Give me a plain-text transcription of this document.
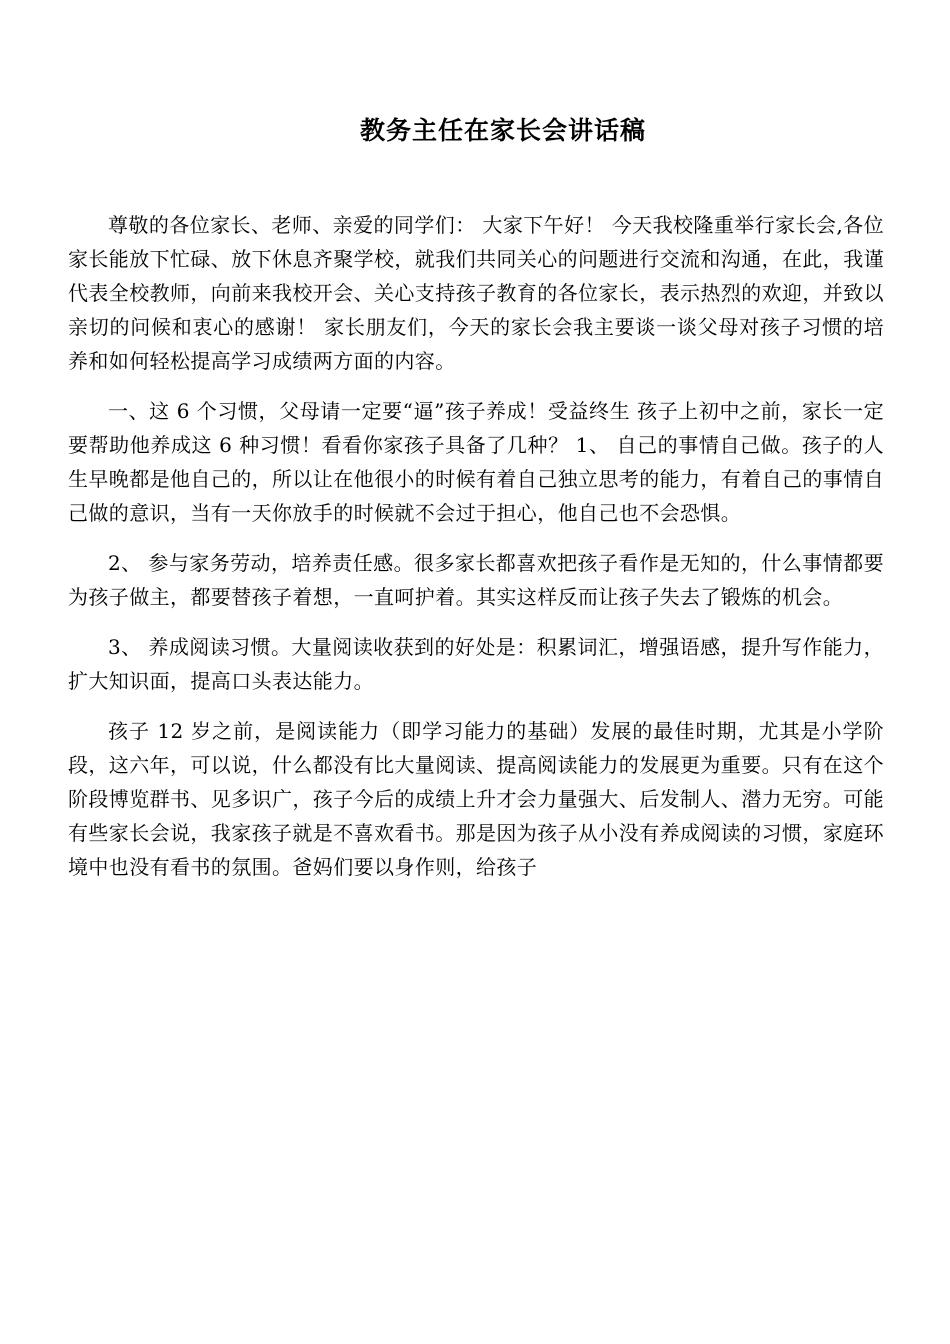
教务主任在家长会讲话稿

尊敬的各位家长、老师、亲爱的同学们： 大家下午好！ 今天我校隆重举行家长会,各位家长能放下忙碌、放下休息齐聚学校，就我们共同关心的问题进行交流和沟通，在此，我谨代表全校教师，向前来我校开会、关心支持孩子教育的各位家长，表示热烈的欢迎，并致以亲切的问候和衷心的感谢！ 家长朋友们，今天的家长会我主要谈一谈父母对孩子习惯的培养和如何轻松提高学习成绩两方面的内容。

一、这 6 个习惯，父母请一定要“逼”孩子养成！受益终生 孩子上初中之前，家长一定要帮助他养成这 6 种习惯！看看你家孩子具备了几种？ 1、 自己的事情自己做。孩子的人生早晚都是他自己的，所以让在他很小的时候有着自己独立思考的能力，有着自己的事情自己做的意识，当有一天你放手的时候就不会过于担心，他自己也不会恐惧。

2、 参与家务劳动，培养责任感。很多家长都喜欢把孩子看作是无知的，什么事情都要为孩子做主，都要替孩子着想，一直呵护着。其实这样反而让孩子失去了锻炼的机会。

3、 养成阅读习惯。大量阅读收获到的好处是：积累词汇，增强语感，提升写作能力，扩大知识面，提高口头表达能力。

孩子 12 岁之前，是阅读能力（即学习能力的基础）发展的最佳时期，尤其是小学阶段，这六年，可以说，什么都没有比大量阅读、提高阅读能力的发展更为重要。只有在这个阶段博览群书、见多识广，孩子今后的成绩上升才会力量强大、后发制人、潜力无穷。可能有些家长会说，我家孩子就是不喜欢看书。那是因为孩子从小没有养成阅读的习惯，家庭环境中也没有看书的氛围。爸妈们要以身作则，给孩子
